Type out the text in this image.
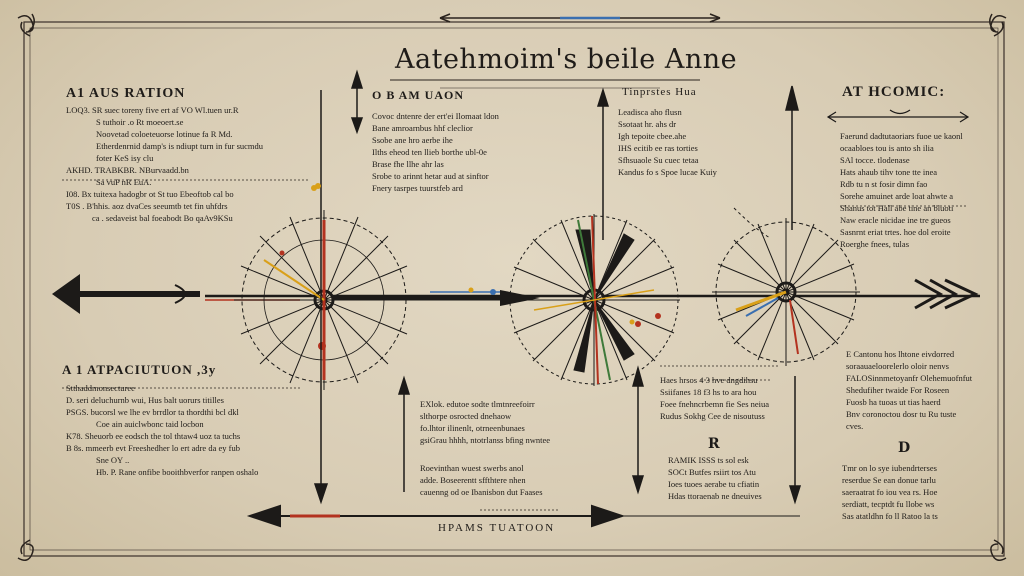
Aatehmoim's beile Anne
A1 AUS RATION	O B AM UAON	Tinprstes Hua	AT HCOMIC:
A 1 ATPACIUTUON ,3y
LOQ3. SR suec toreny five ert af VO Wl.tuen ur.R
S tuthoir .o Rt moeoert.se
Noovetad coloeteuorse lotinue fa R Md.
Etherdenrnid damp's is ndiupt turn in fur sucmdu
foter KeS isy clu
AKHD. TRABKBR. NBurvaadd.bn
Sa vuP nR EuA.
I08. Bx tuitexa hadogbr ot St tuo Ebeoftob cal bo
T0S . B'hhis. aoz dvaCes seeumtb tet fin uhfdrs
ca . sedaveist bal foeabodt Bo qaAv9KSu
Covoc dntenre der ert'ei Ilomaat ldon
Bane amroarnbus hhf cleclior
Ssobe ane hro aerbe ihe
Ilths eheod ten llieb borthe ubl-0e
Brase fhe llhe ahr las
Srobe to arinnt hetar aud at sinftor
Fnery tasrpes tuurstfeb ard
Leadisca aho flusn
Ssotaat hr. ahs dr
Igh tepoite cbee.ahe
IHS ecitib ee ras torties
Sfhsuaole Su cuec tetaa
Kandus fo s Spoe lucae Kuiy
Faerund dadtutaoriars fuoe ue kaonl
ocaabloes tou is anto sh ilia
SAl tocce. tlodenase
Hats ahaub tihv tone tte inea
Rdb tu n st fosir dimn fao
Sorehe amuinet arde loat ahwte a
Shanus tot Hall abe tine an bluoti
Naw eracle nicidae ine tre gueos
Sasnrnt eriat trtes. hoe dol eroite
Roerghe fnees, tulas
Stthaddmonsecturee
D. seri deluchurnb wui, Hus balt uorurs titilles
PSGS. bucorsl we lhe ev brrdlor ta thordthi bcl dkl
Coe ain auiclwbonc taid locbon
K78. Sheuorb ee eodsch the tol thtaw4 uoz ta tuchs
B 8s. mmeerb evt Freeshedher lo ert adre da ey fub
Sne OY ..
Hb. P. Rane onfibe booithbverfor ranpen oshalo
EXlok. edutoe sodte tlmtnreefoirr
slthorpe osrocted dnehaow
fo.lhtor ilinenlt, otrneenbunaes
gsiGrau hhhh, ntotrlanss bfing nwntee
Roevinthan wuest swerbs anol
adde. Boseerentt sffthtere nhen
cauenng od oe Ibanisbon dut Faases
Haes hrsos 4 3 hve dngdihsu
Ssiifanes 18 f3 hs to ara hou
Foee fnehncrbemn fie Ses neiua
Rudus Sokhg Cee de nisoutuss
RAMIK ISSS ts sol esk
SOCt Butfes rsiirt tos Atu
Ioes tuoes aerabe tu cfiatin
Hdas ttoraenab ne dneuives
E Cantonu hos lhtone eivdorred
soraauaeloorelerlo oloir nenvs
FALOSinnmetoyanfr Olehemuofnfut
Shedufiher twaide For Roseen
Fuosb ha tuoas ut tias haerd
Bnv coronoctou dosr tu Ru tuste
cves.
Tmr on lo sye iubendrterses
reserdue Se ean donue tarlu
saeraatrat fo iou vea rs. Hoe
serdiatt, tecptdt fu llobe ws
Sas atatldhn fo ll Ratoo la ts
R	D
HPAMS TUATOON
